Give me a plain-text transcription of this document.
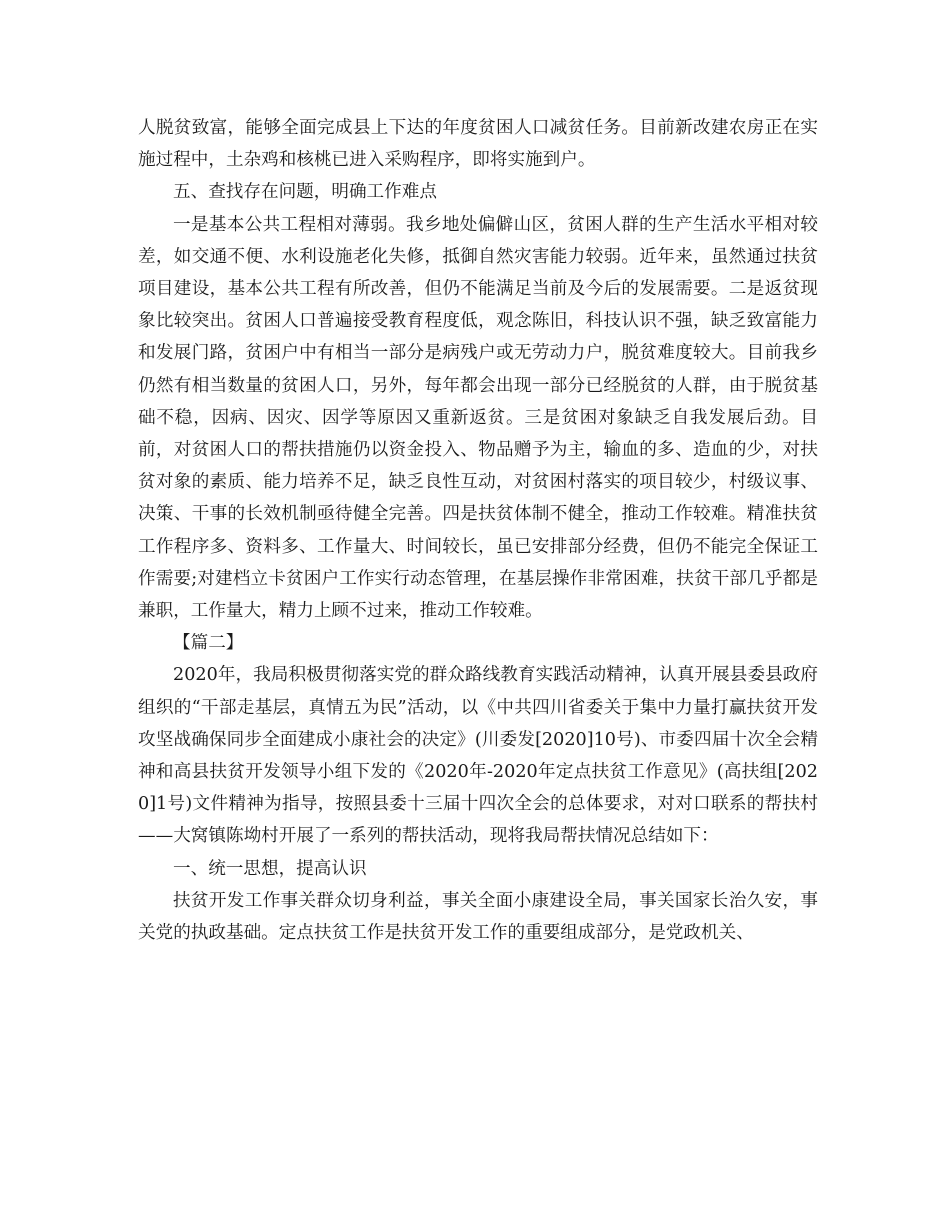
人脱贫致富，能够全面完成县上下达的年度贫困人口减贫任务。目前新改建农房正在实施过程中，土杂鸡和核桃已进入采购程序，即将实施到户。

五、查找存在问题，明确工作难点

一是基本公共工程相对薄弱。我乡地处偏僻山区，贫困人群的生产生活水平相对较差，如交通不便、水利设施老化失修，抵御自然灾害能力较弱。近年来，虽然通过扶贫项目建设，基本公共工程有所改善，但仍不能满足当前及今后的发展需要。二是返贫现象比较突出。贫困人口普遍接受教育程度低，观念陈旧，科技认识不强，缺乏致富能力和发展门路，贫困户中有相当一部分是病残户或无劳动力户，脱贫难度较大。目前我乡仍然有相当数量的贫困人口，另外，每年都会出现一部分已经脱贫的人群，由于脱贫基础不稳，因病、因灾、因学等原因又重新返贫。三是贫困对象缺乏自我发展后劲。目前，对贫困人口的帮扶措施仍以资金投入、物品赠予为主，输血的多、造血的少，对扶贫对象的素质、能力培养不足，缺乏良性互动，对贫困村落实的项目较少，村级议事、决策、干事的长效机制亟待健全完善。四是扶贫体制不健全，推动工作较难。精准扶贫工作程序多、资料多、工作量大、时间较长，虽已安排部分经费，但仍不能完全保证工作需要;对建档立卡贫困户工作实行动态管理，在基层操作非常困难，扶贫干部几乎都是兼职，工作量大，精力上顾不过来，推动工作较难。

【篇二】

2020年，我局积极贯彻落实党的群众路线教育实践活动精神，认真开展县委县政府组织的“干部走基层，真情五为民”活动，以《中共四川省委关于集中力量打赢扶贫开发攻坚战确保同步全面建成小康社会的决定》(川委发[2020]10号)、市委四届十次全会精神和高县扶贫开发领导小组下发的《2020年-2020年定点扶贫工作意见》(高扶组[2020]1号)文件精神为指导，按照县委十三届十四次全会的总体要求，对对口联系的帮扶村——大窝镇陈坳村开展了一系列的帮扶活动，现将我局帮扶情况总结如下：

一、统一思想，提高认识

扶贫开发工作事关群众切身利益，事关全面小康建设全局，事关国家长治久安，事关党的执政基础。定点扶贫工作是扶贫开发工作的重要组成部分，是党政机关、
